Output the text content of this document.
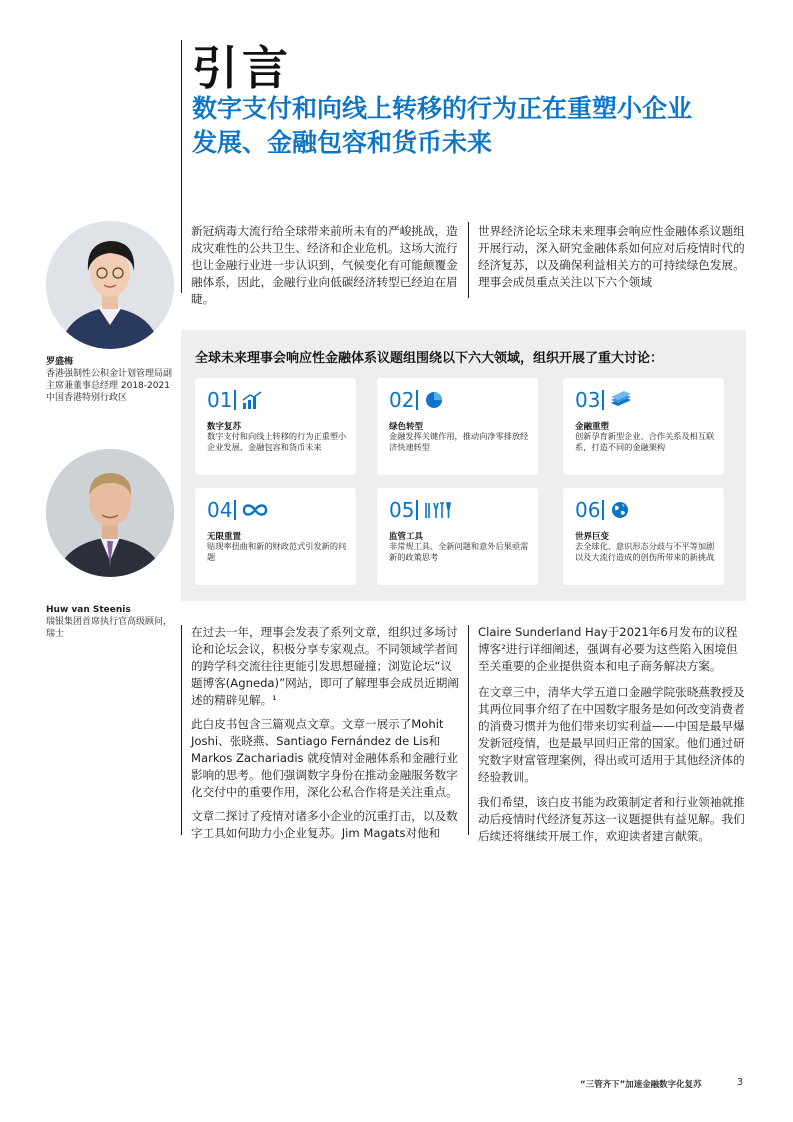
引言
数字支付和向线上转移的行为正在重塑小企业发展、金融包容和货币未来
罗盛梅
香港强制性公积金计划管理局副主席兼董事总经理 2018-2021中国香港特别行政区
Huw van Steenis
瑞银集团首席执行官高级顾问，瑞士

新冠病毒大流行给全球带来前所未有的严峻挑战，造成灾难性的公共卫生、经济和企业危机。这场大流行也让金融行业进一步认识到，气候变化有可能颠覆金融体系，因此，金融行业向低碳经济转型已经迫在眉睫。

世界经济论坛全球未来理事会响应性金融体系议题组开展行动，深入研究金融体系如何应对后疫情时代的经济复苏，以及确保利益相关方的可持续绿色发展。理事会成员重点关注以下六个领域

全球未来理事会响应性金融体系议题组围绕以下六大领域，组织开展了重大讨论：
01
数字复苏
数字支付和向线上转移的行为正重塑小企业发展、金融包容和货币未来
02
绿色转型
金融发挥关键作用，推动向净零排放经济快速转型
03
金融重塑
创新孕育新型企业、合作关系及相互联系，打造不同的金融架构
04
无限重置
贴现率扭曲和新的财政范式引发新的问题
05
监管工具
非常规工具、全新问题和意外后果亟需新的政策思考
06
世界巨变
去全球化、意识形态分歧与不平等加剧以及大流行造成的创伤所带来的新挑战

在过去一年，理事会发表了系列文章，组织过多场讨论和论坛会议，积极分享专家观点。不同领域学者间的跨学科交流往往更能引发思想碰撞；浏览论坛“议题博客(Agneda)”网站，即可了解理事会成员近期阐述的精辟见解。¹

此白皮书包含三篇观点文章。文章一展示了Mohit Joshi、张晓燕、Santiago Fernández de Lis和Markos Zachariadis 就疫情对金融体系和金融行业影响的思考。他们强调数字身份在推动金融服务数字化交付中的重要作用，深化公私合作将是关注重点。

文章二探讨了疫情对诸多小企业的沉重打击，以及数字工具如何助力小企业复苏。Jim Magats对他和

Claire Sunderland Hay于2021年6月发布的议程博客²进行详细阐述，强调有必要为这些陷入困境但至关重要的企业提供资本和电子商务解决方案。

在文章三中，清华大学五道口金融学院张晓燕教授及其两位同事介绍了在中国数字服务是如何改变消费者的消费习惯并为他们带来切实利益——中国是最早爆发新冠疫情，也是最早回归正常的国家。他们通过研究数字财富管理案例，得出或可适用于其他经济体的经验教训。

我们希望，该白皮书能为政策制定者和行业领袖就推动后疫情时代经济复苏这一议题提供有益见解。我们后续还将继续开展工作，欢迎读者建言献策。

“三管齐下”加速金融数字化复苏	3
